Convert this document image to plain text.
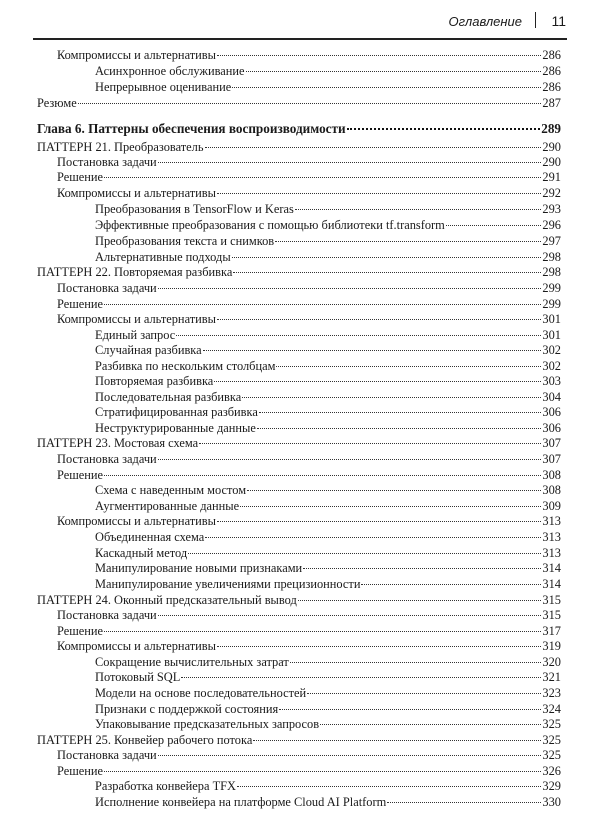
Оглавление 11
Компромиссы и альтернативы	286
Асинхронное обслуживание	286
Непрерывное оценивание	286
Резюме	287
Глава 6. Паттерны обеспечения воспроизводимости	289
ПАТТЕРН 21. Преобразователь	290
Постановка задачи	290
Решение	291
Компромиссы и альтернативы	292
Преобразования в TensorFlow и Keras	293
Эффективные преобразования с помощью библиотеки tf.transform	296
Преобразования текста и снимков	297
Альтернативные подходы	298
ПАТТЕРН 22. Повторяемая разбивка	298
Постановка задачи	299
Решение	299
Компромиссы и альтернативы	301
Единый запрос	301
Случайная разбивка	302
Разбивка по нескольким столбцам	302
Повторяемая разбивка	303
Последовательная разбивка	304
Стратифицированная разбивка	306
Неструктурированные данные	306
ПАТТЕРН 23. Мостовая схема	307
Постановка задачи	307
Решение	308
Схема с наведенным мостом	308
Аугментированные данные	309
Компромиссы и альтернативы	313
Объединенная схема	313
Каскадный метод	313
Манипулирование новыми признаками	314
Манипулирование увеличениями прецизионности	314
ПАТТЕРН 24. Оконный предсказательный вывод	315
Постановка задачи	315
Решение	317
Компромиссы и альтернативы	319
Сокращение вычислительных затрат	320
Потоковый SQL	321
Модели на основе последовательностей	323
Признаки с поддержкой состояния	324
Упаковывание предсказательных запросов	325
ПАТТЕРН 25. Конвейер рабочего потока	325
Постановка задачи	325
Решение	326
Разработка конвейера TFX	329
Исполнение конвейера на платформе Cloud AI Platform	330
